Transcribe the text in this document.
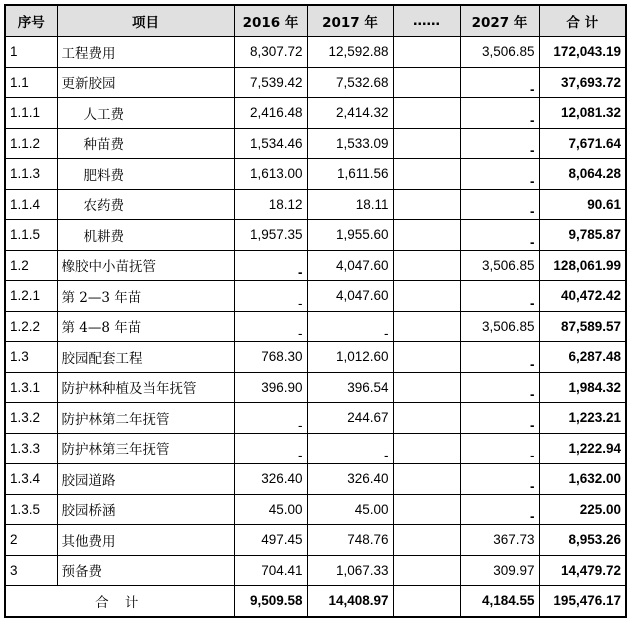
序号	项目	2016 年	2017 年	……	2027 年	合 计
1	工程费用	8,307.72	12,592.88		3,506.85	172,043.19
1.1	更新胶园	7,539.42	7,532.68		-	37,693.72
1.1.1	人工费	2,416.48	2,414.32		-	12,081.32
1.1.2	种苗费	1,534.46	1,533.09		-	7,671.64
1.1.3	肥料费	1,613.00	1,611.56		-	8,064.28
1.1.4	农药费	18.12	18.11		-	90.61
1.1.5	机耕费	1,957.35	1,955.60		-	9,785.87
1.2	橡胶中小苗抚管	-	4,047.60		3,506.85	128,061.99
1.2.1	第 2—3 年苗	-	4,047.60		-	40,472.42
1.2.2	第 4—8 年苗	-	-		3,506.85	87,589.57
1.3	胶园配套工程	768.30	1,012.60		-	6,287.48
1.3.1	防护林种植及当年抚管	396.90	396.54		-	1,984.32
1.3.2	防护林第二年抚管	-	244.67		-	1,223.21
1.3.3	防护林第三年抚管	-	-		-	1,222.94
1.3.4	胶园道路	326.40	326.40		-	1,632.00
1.3.5	胶园桥涵	45.00	45.00		-	225.00
2	其他费用	497.45	748.76		367.73	8,953.26
3	预备费	704.41	1,067.33		309.97	14,479.72
合 计		9,509.58	14,408.97		4,184.55	195,476.17
